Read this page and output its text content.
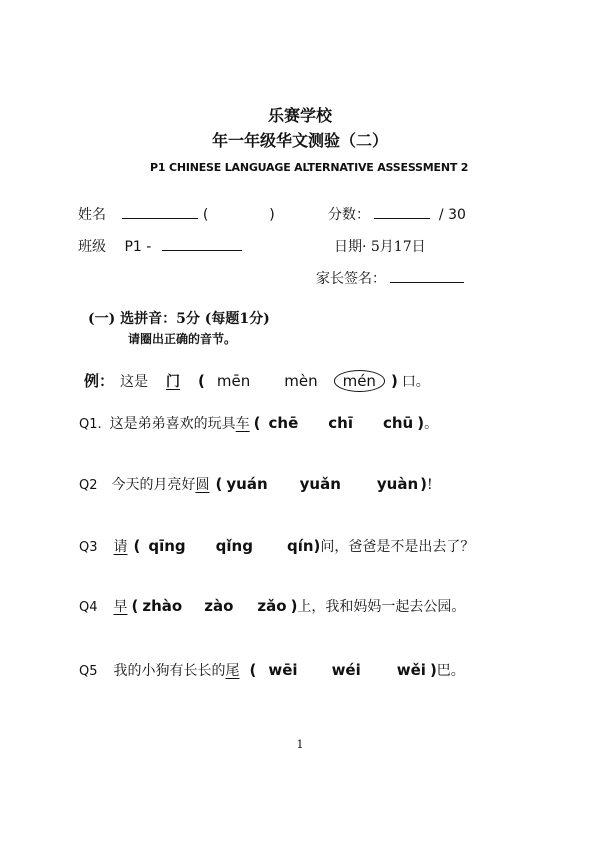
乐赛学校
年一年级华文测验（二）
P1 CHINESE LANGUAGE ALTERNATIVE ASSESSMENT 2
姓名	(	)	分数：	/ 30
班级 P1 -	日期· 5月17日
家长签名：
(一) 选拼音：5分 (每题1分)
请圈出正确的音节。
例： 这是 门 ( mēn mèn	mén	) 口。
Q1. 这是弟弟喜欢的玩具 车 ( chē chī chū ) 。
Q2 今天的月亮好 圆 ( yuán yuǎn yuàn ) !
Q3 请 ( qīng qǐng qín ) 问，爸爸是不是出去了？
Q4 早 ( zhào zào zǎo ) 上，我和妈妈一起去公园。
Q5 我的小狗有长长的 尾 ( wēi wéi wěi ) 巴。
1
